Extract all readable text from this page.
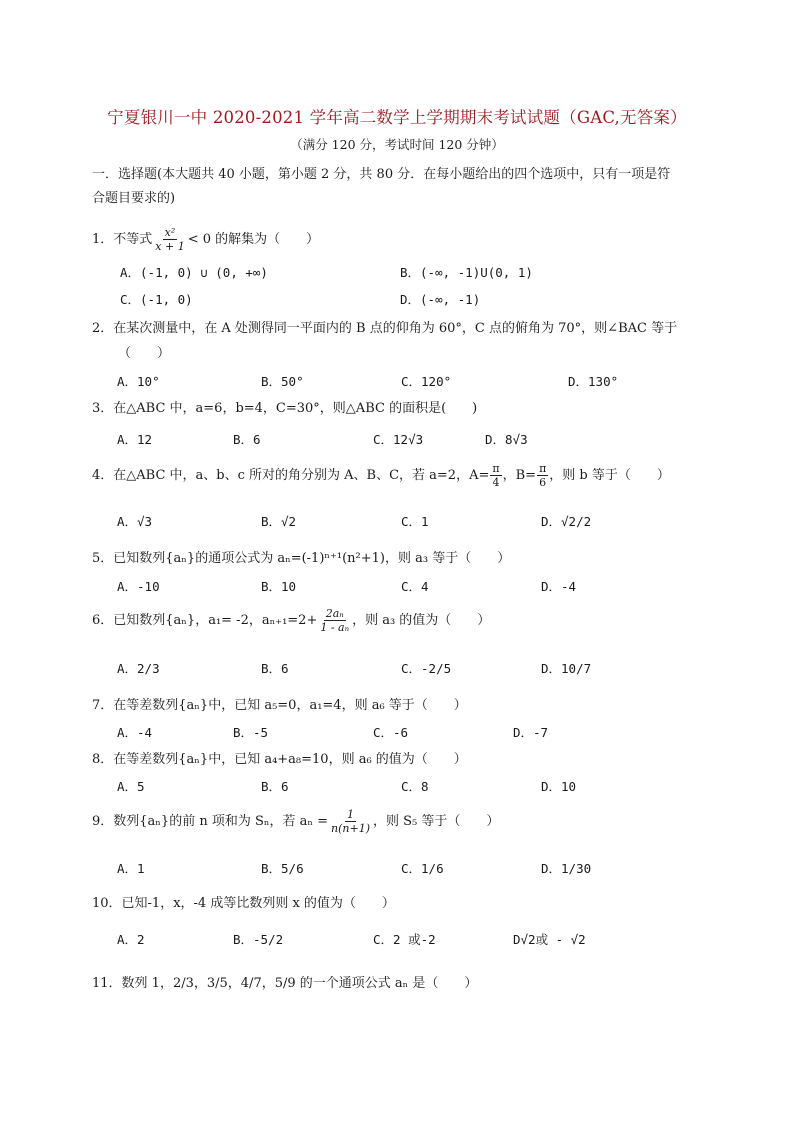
宁夏银川一中 2020-2021 学年高二数学上学期期末考试试题（GAC,无答案）
（满分 120 分，考试时间 120 分钟）
一．选择题(本大题共 40 小题，第小题 2 分，共 80 分．在每小题给出的四个选项中，只有一项是符
合题目要求的)
1．不等式 $\frac{\text{x²}}{x + 1} < 0$ 的解集为（　　）
A．(-1, 0) ∪ (0, +∞)	B．(-∞, -1)U(0, 1)
C．(-1, 0)	D．(-∞, -1)
2．在某次测量中，在 A 处测得同一平面内的 B 点的仰角为 60°，C 点的俯角为 70°，则∠BAC 等于
（　　）
A．10°	B．50°	C．120°	D．130°
3．在△ABC 中，a=6，b=4，C=30°，则△ABC 的面积是(　　)
A．12	B．6	C．12√3	D．8√3
4．在△ABC 中，a、b、c 所对的角分别为 A、B、C，若 a=2，$A= \frac{\pi}{4}$ ，$B= \frac{\pi}{6}$ ，则 b 等于（　　）
A．√3	B．√2	C．1	D．√2/2
5．已知数列{aₙ}的通项公式为 aₙ=(-1)ⁿ⁺¹(n²+1)，则 a₃ 等于（　　）
A．-10	B．10	C．4	D．-4
6．已知数列{aₙ}，a₁= -2，$a_{n+1}=2+ \frac{\text{2aₙ}}{\text{1 - aₙ}}$ ，则 a₃ 的值为（　　）
A．2/3	B．6	C．-2/5	D．10/7
7．在等差数列{aₙ}中，已知 a₅=0，a₁=4，则 a₆ 等于（　　）
A．-4	B．-5	C．-6	D．-7
8．在等差数列{aₙ}中，已知 a₄+a₈=10，则 a₆ 的值为（　　）
A．5	B．6	C．8	D．10
9．数列{aₙ}的前 n 项和为 Sₙ，若 $a_n = \frac{1}{n(n+1)}$ ，则 S₅ 等于（　　）
A．1	B．5/6	C．1/6	D．1/30
10．已知-1，x，-4 成等比数列则 x 的值为（　　）
A．2	B．-5/2	C．2 或-2	D√2或 - √2
11．数列 1，2/3，3/5，4/7，5/9 的一个通项公式 aₙ 是（　　）
